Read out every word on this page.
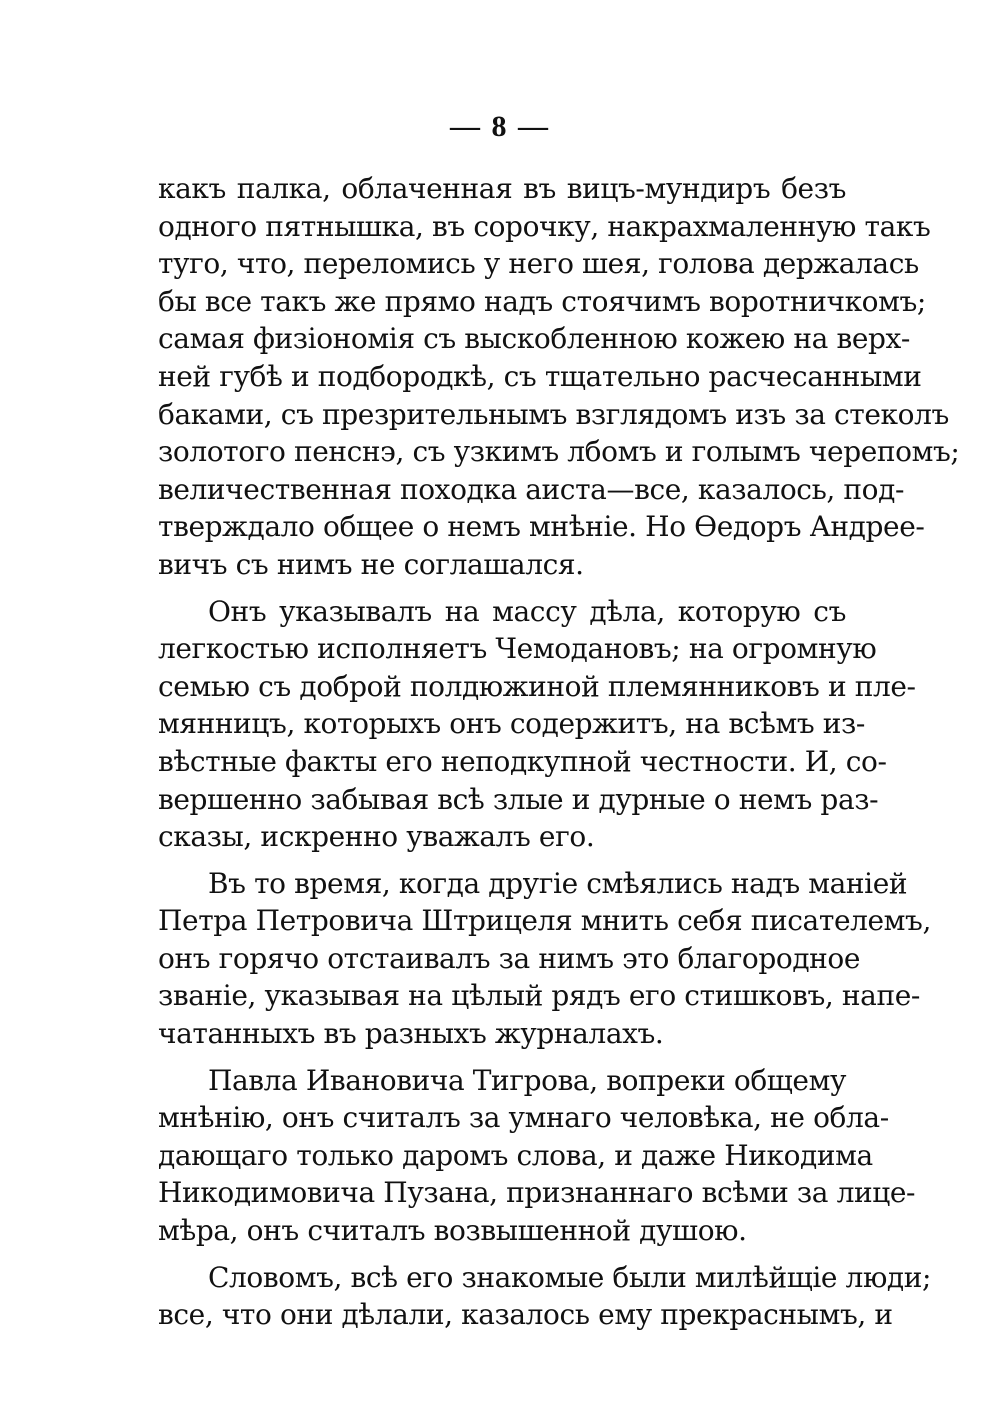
— 8 —
какъ палка, облаченная въ вицъ-мундиръ безъ
одного пятнышка, въ сорочку, накрахмаленную такъ
туго, что, переломись у него шея, голова держалась
бы все такъ же прямо надъ стоячимъ воротничкомъ;
самая физіономія съ выскобленною кожею на верх-
ней губѣ и подбородкѣ, съ тщательно расчесанными
баками, съ презрительнымъ взглядомъ изъ за стеколъ
золотого пенснэ, съ узкимъ лбомъ и голымъ черепомъ;
величественная походка аиста—все, казалось, под-
тверждало общее о немъ мнѣніе. Но Ѳедоръ Андрее-
вичъ съ нимъ не соглашался.
Онъ указывалъ на массу дѣла, которую съ
легкостью исполняетъ Чемодановъ; на огромную
семью съ доброй полдюжиной племянниковъ и пле-
мянницъ, которыхъ онъ содержитъ, на всѣмъ из-
вѣстные факты его неподкупной честности. И, со-
вершенно забывая всѣ злые и дурные о немъ раз-
сказы, искренно уважалъ его.
Въ то время, когда другіе смѣялись надъ маніей
Петра Петровича Штрицеля мнить себя писателемъ,
онъ горячо отстаивалъ за нимъ это благородное
званіе, указывая на цѣлый рядъ его стишковъ, напе-
чатанныхъ въ разныхъ журналахъ.
Павла Ивановича Тигрова, вопреки общему
мнѣнію, онъ считалъ за умнаго человѣка, не обла-
дающаго только даромъ слова, и даже Никодима
Никодимовича Пузана, признаннаго всѣми за лице-
мѣра, онъ считалъ возвышенной душою.
Словомъ, всѣ его знакомые были милѣйщіе люди;
все, что они дѣлали, казалось ему прекраснымъ, и
